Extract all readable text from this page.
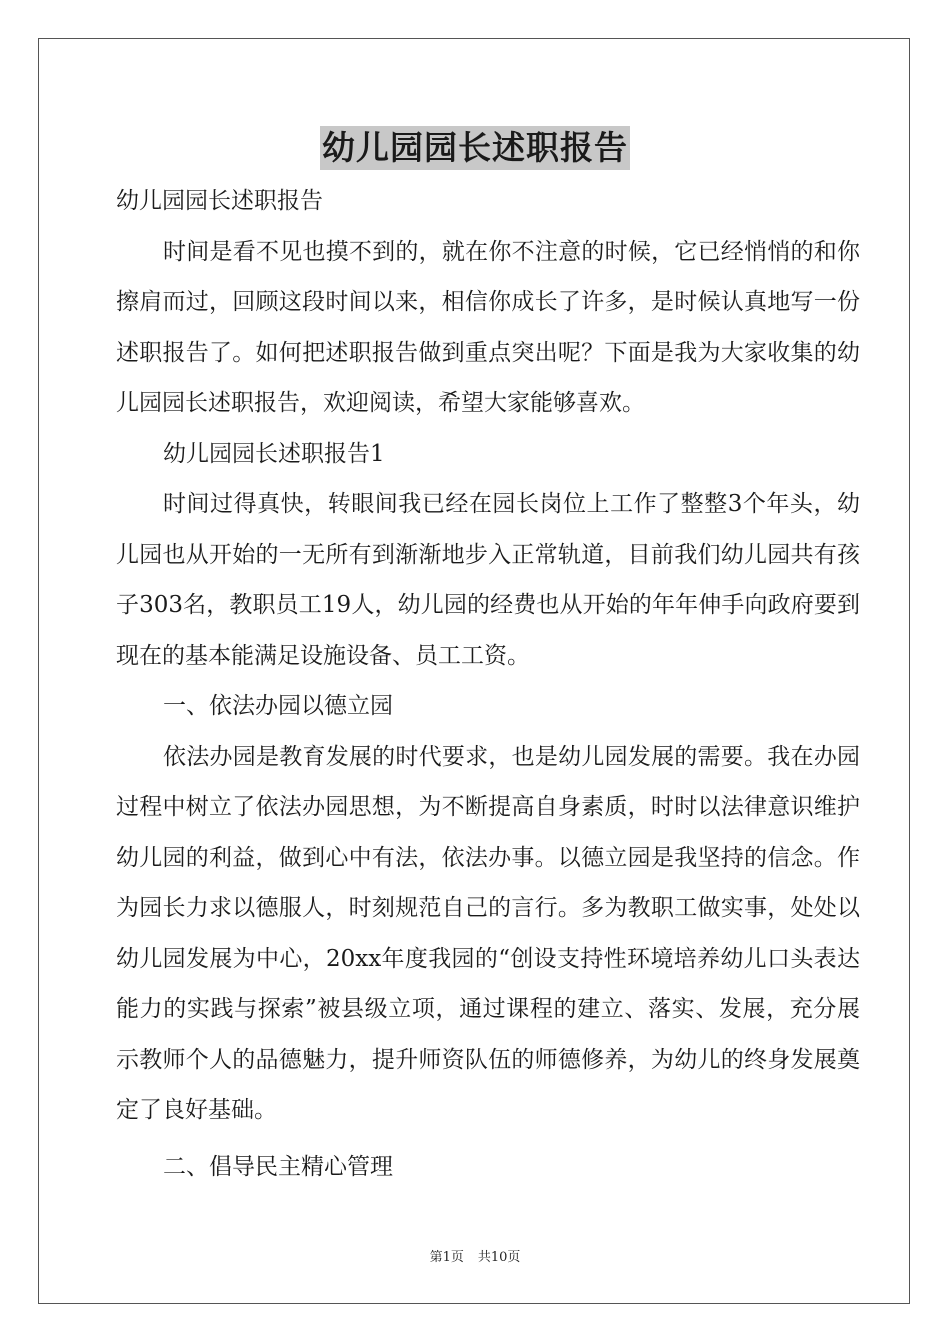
幼儿园园长述职报告

幼儿园园长述职报告

时间是看不见也摸不到的，就在你不注意的时候，它已经悄悄的和你擦肩而过，回顾这段时间以来，相信你成长了许多，是时候认真地写一份述职报告了。如何把述职报告做到重点突出呢？下面是我为大家收集的幼儿园园长述职报告，欢迎阅读，希望大家能够喜欢。

幼儿园园长述职报告1

时间过得真快，转眼间我已经在园长岗位上工作了整整3个年头，幼儿园也从开始的一无所有到渐渐地步入正常轨道，目前我们幼儿园共有孩子303名，教职员工19人，幼儿园的经费也从开始的年年伸手向政府要到现在的基本能满足设施设备、员工工资。

一、依法办园以德立园

依法办园是教育发展的时代要求，也是幼儿园发展的需要。我在办园过程中树立了依法办园思想，为不断提高自身素质，时时以法律意识维护幼儿园的利益，做到心中有法，依法办事。以德立园是我坚持的信念。作为园长力求以德服人，时刻规范自己的言行。多为教职工做实事，处处以幼儿园发展为中心，20xx年度我园的“创设支持性环境培养幼儿口头表达能力的实践与探索”被县级立项，通过课程的建立、落实、发展，充分展示教师个人的品德魅力，提升师资队伍的师德修养，为幼儿的终身发展奠定了良好基础。

二、倡导民主精心管理

第1页 共10页
